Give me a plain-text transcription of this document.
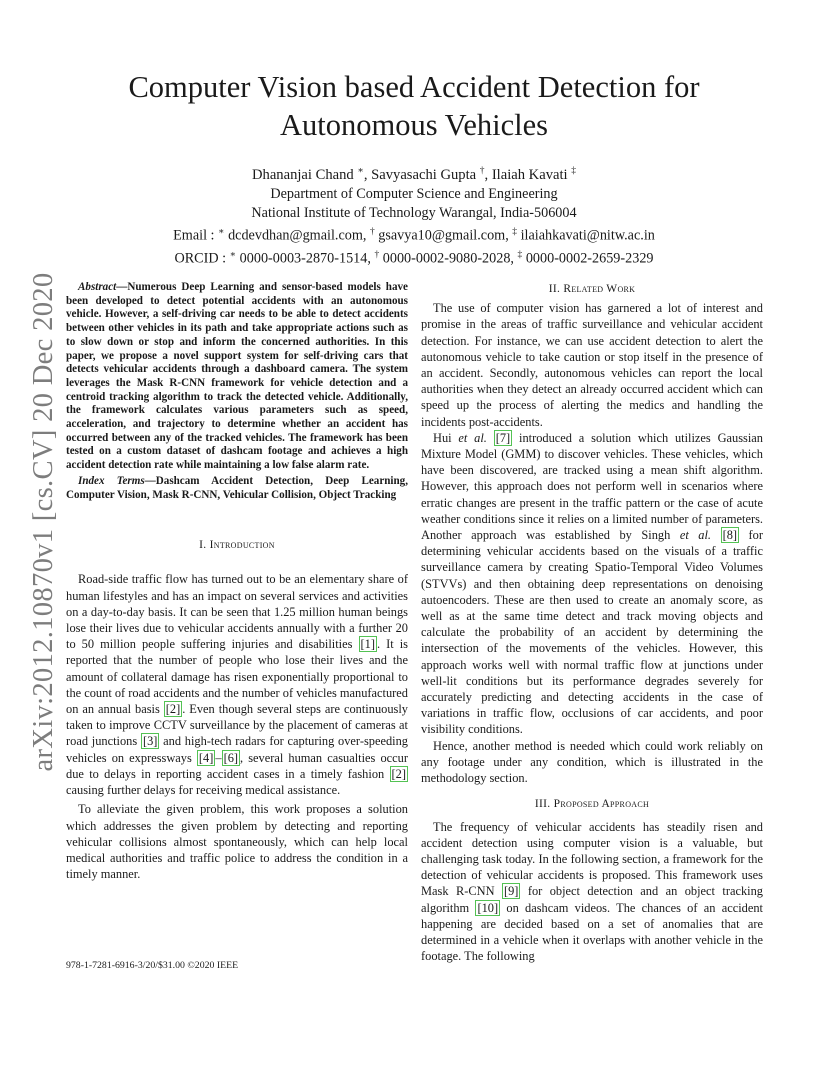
arXiv:2012.10870v1 [cs.CV] 20 Dec 2020
Computer Vision based Accident Detection for Autonomous Vehicles
Dhananjai Chand ∗, Savyasachi Gupta †, Ilaiah Kavati ‡
Department of Computer Science and Engineering
National Institute of Technology Warangal, India-506004
Email : ∗ dcdevdhan@gmail.com, † gsavya10@gmail.com, ‡ ilaiahkavati@nitw.ac.in
ORCID : ∗ 0000-0003-2870-1514, † 0000-0002-9080-2028, ‡ 0000-0002-2659-2329

Abstract—Numerous Deep Learning and sensor-based models have been developed to detect potential accidents with an autonomous vehicle. However, a self-driving car needs to be able to detect accidents between other vehicles in its path and take appropriate actions such as to slow down or stop and inform the concerned authorities. In this paper, we propose a novel support system for self-driving cars that detects vehicular accidents through a dashboard camera. The system leverages the Mask R-CNN framework for vehicle detection and a centroid tracking algorithm to track the detected vehicle. Additionally, the framework calculates various parameters such as speed, acceleration, and trajectory to determine whether an accident has occurred between any of the tracked vehicles. The framework has been tested on a custom dataset of dashcam footage and achieves a high accident detection rate while maintaining a low false alarm rate.

Index Terms—Dashcam Accident Detection, Deep Learning, Computer Vision, Mask R-CNN, Vehicular Collision, Object Tracking

I. Introduction

Road-side traffic flow has turned out to be an elementary share of human lifestyles and has an impact on several services and activities on a day-to-day basis. It can be seen that 1.25 million human beings lose their lives due to vehicular accidents annually with a further 20 to 50 million people suffering injuries and disabilities [1] . It is reported that the number of people who lose their lives and the amount of collateral damage has risen exponentially proportional to the count of road accidents and the number of vehicles manufactured on an annual basis [2] . Even though several steps are continuously taken to improve CCTV surveillance by the placement of cameras at road junctions [3] and high-tech radars for capturing over-speeding vehicles on expressways [4] – [6] , several human casualties occur due to delays in reporting accident cases in a timely fashion [2] causing further delays for receiving medical assistance.

To alleviate the given problem, this work proposes a solution which addresses the given problem by detecting and reporting vehicular collisions almost spontaneously, which can help local medical authorities and traffic police to address the condition in a timely manner.

978-1-7281-6916-3/20/$31.00 ©2020 IEEE
II. Related Work

The use of computer vision has garnered a lot of interest and promise in the areas of traffic surveillance and vehicular accident detection. For instance, we can use accident detection to alert the autonomous vehicle to take caution or stop itself in the presence of an accident. Secondly, autonomous vehicles can report the local authorities when they detect an already occurred accident which can speed up the process of alerting the medics and handling the incidents post-accidents.

Hui et al. [7] introduced a solution which utilizes Gaussian Mixture Model (GMM) to discover vehicles. These vehicles, which have been discovered, are tracked using a mean shift algorithm. However, this approach does not perform well in scenarios where erratic changes are present in the traffic pattern or the case of acute weather conditions since it relies on a limited number of parameters. Another approach was established by Singh et al. [8] for determining vehicular accidents based on the visuals of a traffic surveillance camera by creating Spatio-Temporal Video Volumes (STVVs) and then obtaining deep representations on denoising autoencoders. These are then used to create an anomaly score, as well as at the same time detect and track moving objects and calculate the probability of an accident by determining the intersection of the movements of the vehicles. However, this approach works well with normal traffic flow at junctions under well-lit conditions but its performance degrades severely for accurately predicting and detecting accidents in the case of variations in traffic flow, occlusions of car accidents, and poor visibility conditions.

Hence, another method is needed which could work reliably on any footage under any condition, which is illustrated in the methodology section.

III. Proposed Approach

The frequency of vehicular accidents has steadily risen and accident detection using computer vision is a valuable, but challenging task today. In the following section, a framework for the detection of vehicular accidents is proposed. This framework uses Mask R-CNN [9] for object detection and an object tracking algorithm [10] on dashcam videos. The chances of an accident happening are decided based on a set of anomalies that are determined in a vehicle when it overlaps with another vehicle in the footage. The following
